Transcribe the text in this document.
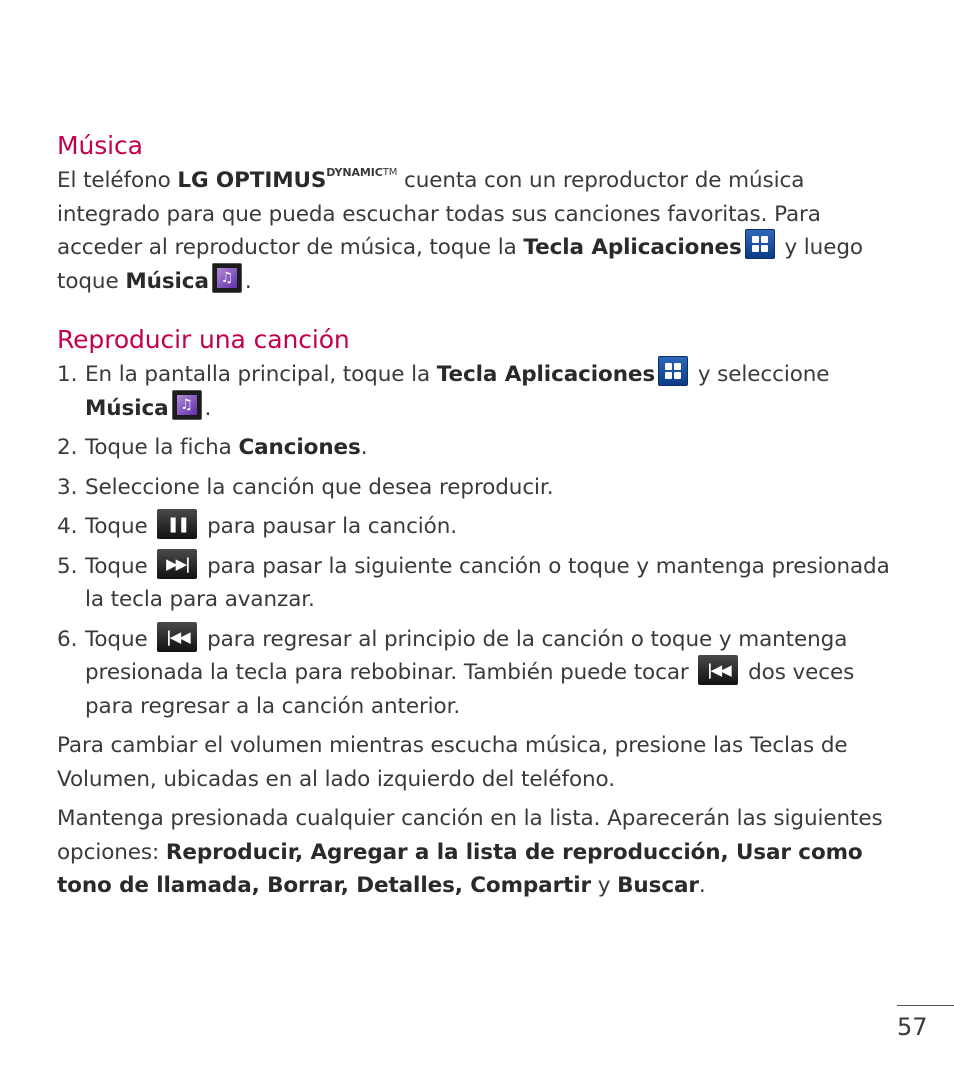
Música

El teléfono LG $OPTIMUS^{DYNAMICTM}$ cuenta con un reproductor de música integrado para que pueda escuchar todas sus canciones favoritas. Para acceder al reproductor de música, toque la Tecla Aplicaciones
y luego toque Música ♫ .

Reproducir una canción
1. En la pantalla principal, toque la Tecla Aplicaciones
y seleccione Música ♫ .
2. Toque la ficha Canciones.
3. Seleccione la canción que desea reproducir.
4. Toque ❚❚ para pausar la canción.
5. Toque ▶▶| para pasar la siguiente canción o toque y mantenga presionada la tecla para avanzar.
6. Toque |◀◀ para regresar al principio de la canción o toque y mantenga presionada la tecla para rebobinar. También puede tocar |◀◀ dos veces para regresar a la canción anterior.

Para cambiar el volumen mientras escucha música, presione las Teclas de Volumen, ubicadas en al lado izquierdo del teléfono.

Mantenga presionada cualquier canción en la lista. Aparecerán las siguientes opciones: Reproducir, Agregar a la lista de reproducción, Usar como tono de llamada, Borrar, Detalles, Compartir y Buscar.

57
